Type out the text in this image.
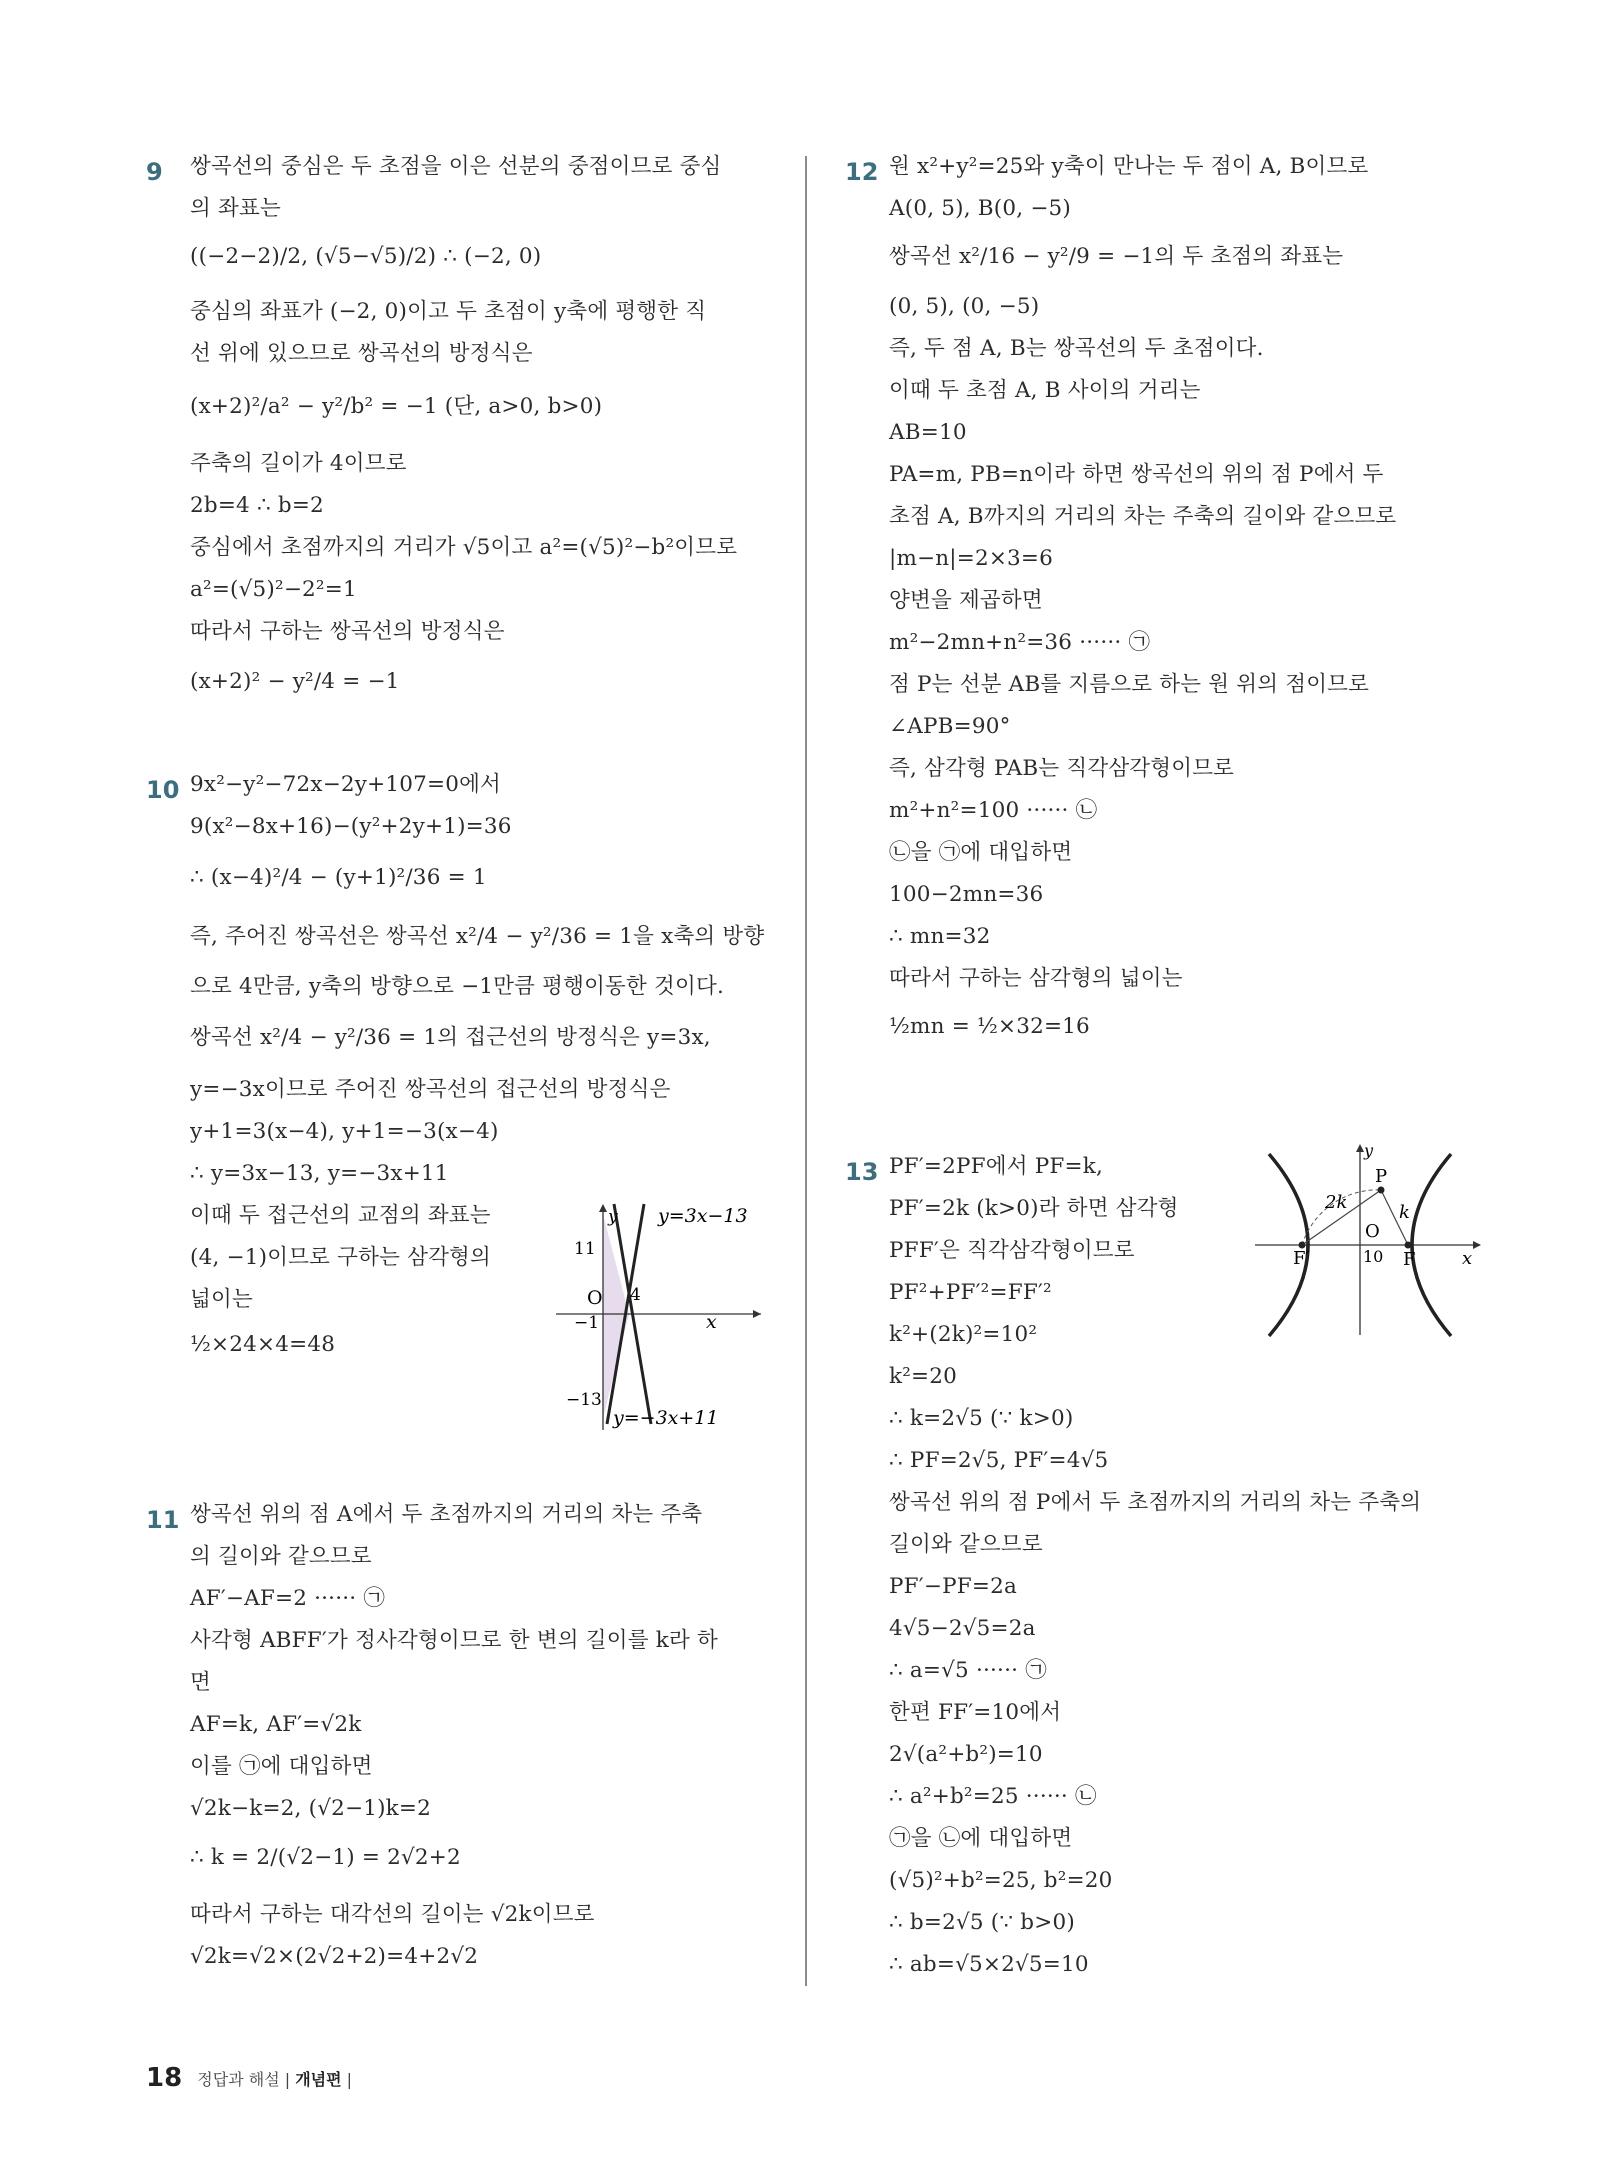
9 쌍곡선의 중심은 두 초점을 이은 선분의 중점이므로 중심
의 좌표는
((−2−2)/2, (√5−√5)/2) ∴ (−2, 0)
중심의 좌표가 (−2, 0)이고 두 초점이 y축에 평행한 직
선 위에 있으므로 쌍곡선의 방정식은
(x+2)²/a² − y²/b² = −1 (단, a>0, b>0)
주축의 길이가 4이므로
2b=4 ∴ b=2
중심에서 초점까지의 거리가 √5이고 a²=(√5)²−b²이므로
a²=(√5)²−2²=1
따라서 구하는 쌍곡선의 방정식은
(x+2)² − y²/4 = −1
10 9x²−y²−72x−2y+107=0에서
9(x²−8x+16)−(y²+2y+1)=36
∴ (x−4)²/4 − (y+1)²/36 = 1
즉, 주어진 쌍곡선은 쌍곡선 x²/4 − y²/36 = 1을 x축의 방향
으로 4만큼, y축의 방향으로 −1만큼 평행이동한 것이다.
쌍곡선 x²/4 − y²/36 = 1의 접근선의 방정식은 y=3x,
y=−3x이므로 주어진 쌍곡선의 접근선의 방정식은
y+1=3(x−4), y+1=−3(x−4)
∴ y=3x−13, y=−3x+11
이때 두 접근선의 교점의 좌표는
(4, −1)이므로 구하는 삼각형의
넓이는
½×24×4=48
y y=3x−13
11
O 4
−1	x
−13
y=−3x+11
11 쌍곡선 위의 점 A에서 두 초점까지의 거리의 차는 주축
의 길이와 같으므로
AF′−AF=2 ······ ㉠
사각형 ABFF′가 정사각형이므로 한 변의 길이를 k라 하
면
AF=k, AF′=√2k
이를 ㉠에 대입하면
√2k−k=2, (√2−1)k=2
∴ k = 2/(√2−1) = 2√2+2
따라서 구하는 대각선의 길이는 √2k이므로
√2k=√2×(2√2+2)=4+2√2
12 원 x²+y²=25와 y축이 만나는 두 점이 A, B이므로
A(0, 5), B(0, −5)
쌍곡선 x²/16 − y²/9 = −1의 두 초점의 좌표는
(0, 5), (0, −5)
즉, 두 점 A, B는 쌍곡선의 두 초점이다.
이때 두 초점 A, B 사이의 거리는
AB=10
PA=m, PB=n이라 하면 쌍곡선의 위의 점 P에서 두
초점 A, B까지의 거리의 차는 주축의 길이와 같으므로
|m−n|=2×3=6
양변을 제곱하면
m²−2mn+n²=36 ······ ㉠
점 P는 선분 AB를 지름으로 하는 원 위의 점이므로
∠APB=90°
즉, 삼각형 PAB는 직각삼각형이므로
m²+n²=100 ······ ㉡
㉡을 ㉠에 대입하면
100−2mn=36
∴ mn=32
따라서 구하는 삼각형의 넓이는
½mn = ½×32=16
13 PF′=2PF에서 PF=k,
PF′=2k (k>0)라 하면 삼각형
PFF′은 직각삼각형이므로
PF²+PF′²=FF′²
k²+(2k)²=10²
k²=20
∴ k=2√5 (∵ k>0)
∴ PF=2√5, PF′=4√5
쌍곡선 위의 점 P에서 두 초점까지의 거리의 차는 주축의
길이와 같으므로
PF′−PF=2a
4√5−2√5=2a
∴ a=√5 ······ ㉠
한편 FF′=10에서
2√(a²+b²)=10
∴ a²+b²=25 ······ ㉡
㉠을 ㉡에 대입하면
(√5)²+b²=25, b²=20
∴ b=2√5 (∵ b>0)
∴ ab=√5×2√5=10
y
P
2k	k
O
10
F′	F	x
18 정답과 해설 | 개념편 |
